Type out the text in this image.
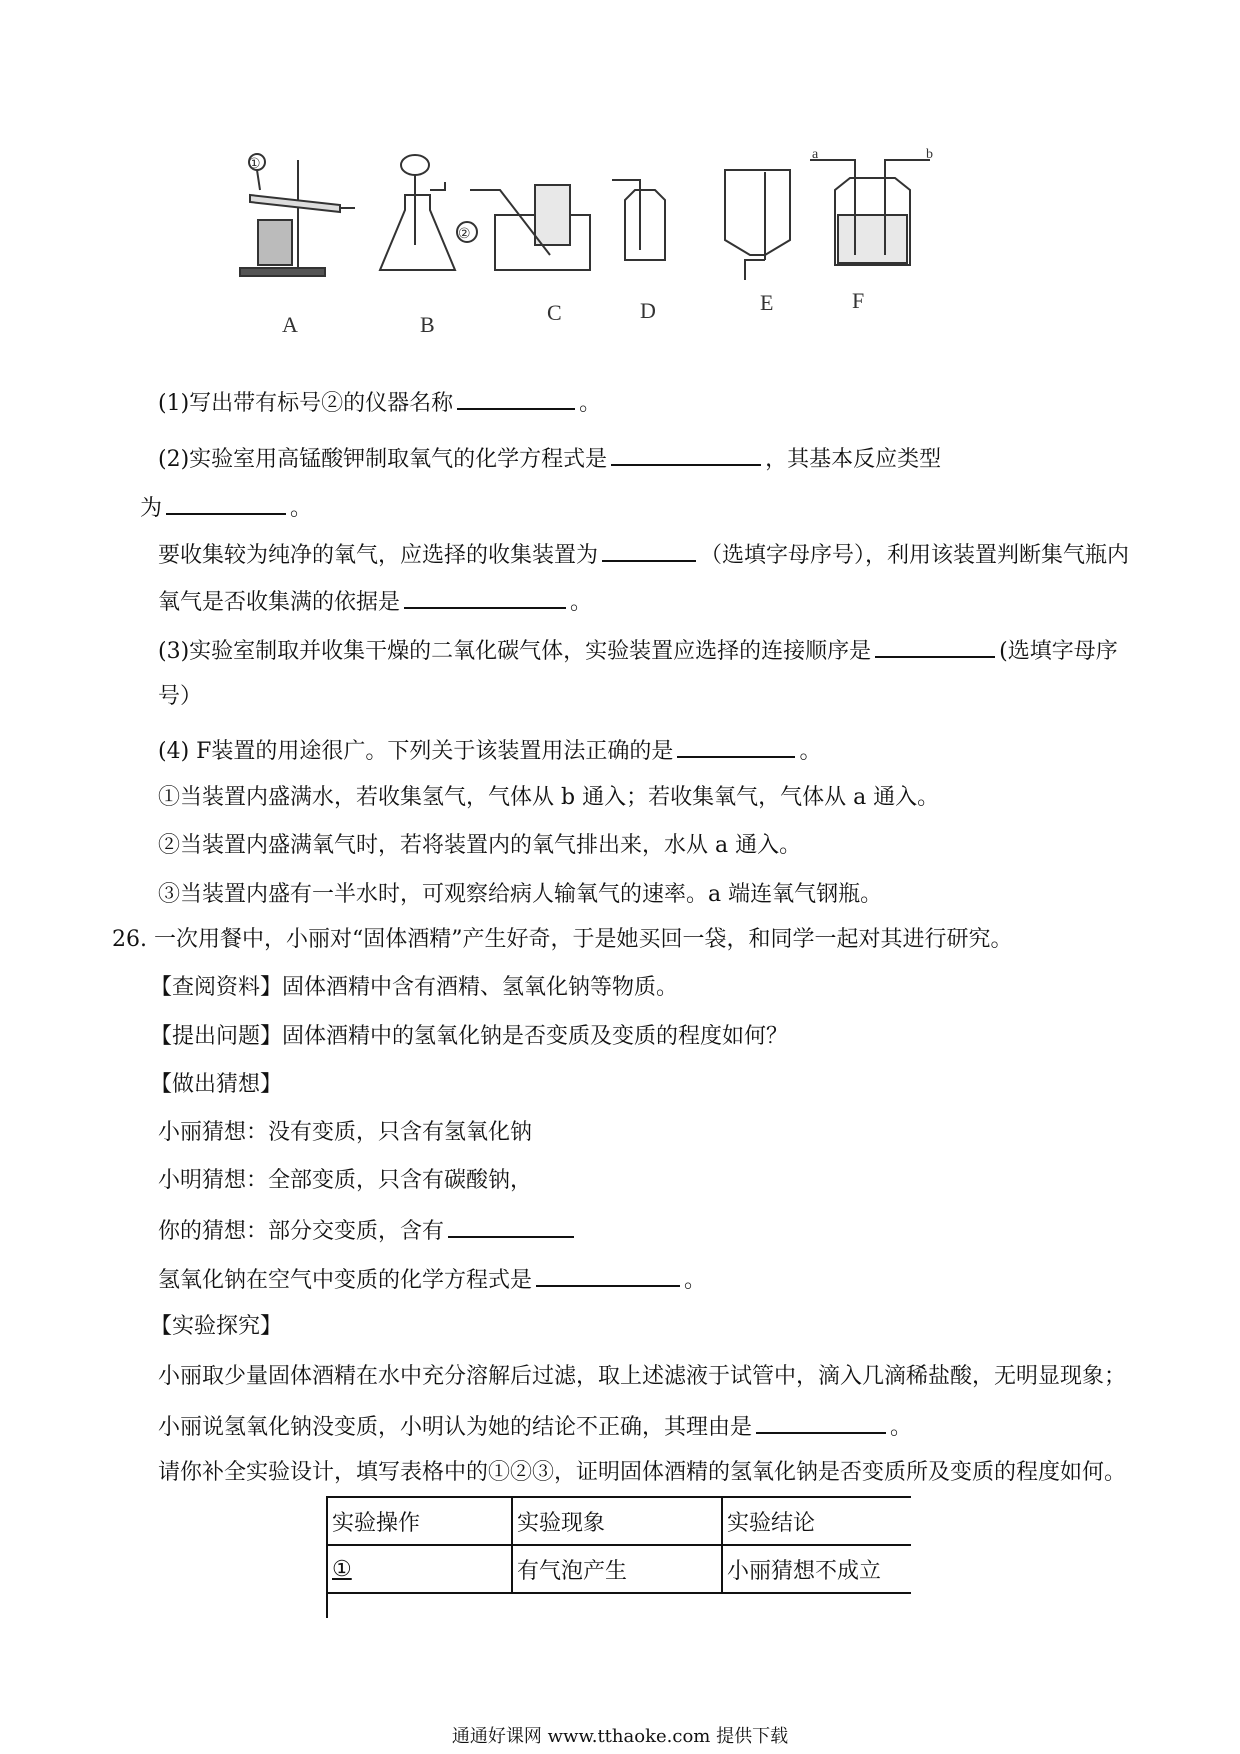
A
①
②
B	C	D	E
a	b
F
(1)写出带有标号②的仪器名称	。
(2)实验室用高锰酸钾制取氧气的化学方程式是	，其基本反应类型
为	。
要收集较为纯净的氧气，应选择的收集装置为	（选填字母序号），利用该装置判断集气瓶内
氧气是否收集满的依据是	。
(3)实验室制取并收集干燥的二氧化碳气体，实验装置应选择的连接顺序是	(选填字母序
号）
(4) F装置的用途很广。下列关于该装置用法正确的是	。
①当装置内盛满水，若收集氢气，气体从 b 通入；若收集氧气，气体从 a 通入。
②当装置内盛满氧气时，若将装置内的氧气排出来，水从 a 通入。
③当装置内盛有一半水时，可观察给病人输氧气的速率。a 端连氧气钢瓶。
26. 一次用餐中，小丽对“固体酒精”产生好奇，于是她买回一袋，和同学一起对其进行研究。
【查阅资料】固体酒精中含有酒精、氢氧化钠等物质。
【提出问题】固体酒精中的氢氧化钠是否变质及变质的程度如何？
【做出猜想】
小丽猜想：没有变质，只含有氢氧化钠
小明猜想：全部变质，只含有碳酸钠，
你的猜想：部分交变质，含有
氢氧化钠在空气中变质的化学方程式是	。
【实验探究】
小丽取少量固体酒精在水中充分溶解后过滤，取上述滤液于试管中，滴入几滴稀盐酸，无明显现象；
小丽说氢氧化钠没变质，小明认为她的结论不正确，其理由是	。
请你补全实验设计，填写表格中的①②③，证明固体酒精的氢氧化钠是否变质所及变质的程度如何。
实验操作	实验现象	实验结论
①	有气泡产生	小丽猜想不成立

通通好课网 www.tthaoke.com 提供下载
